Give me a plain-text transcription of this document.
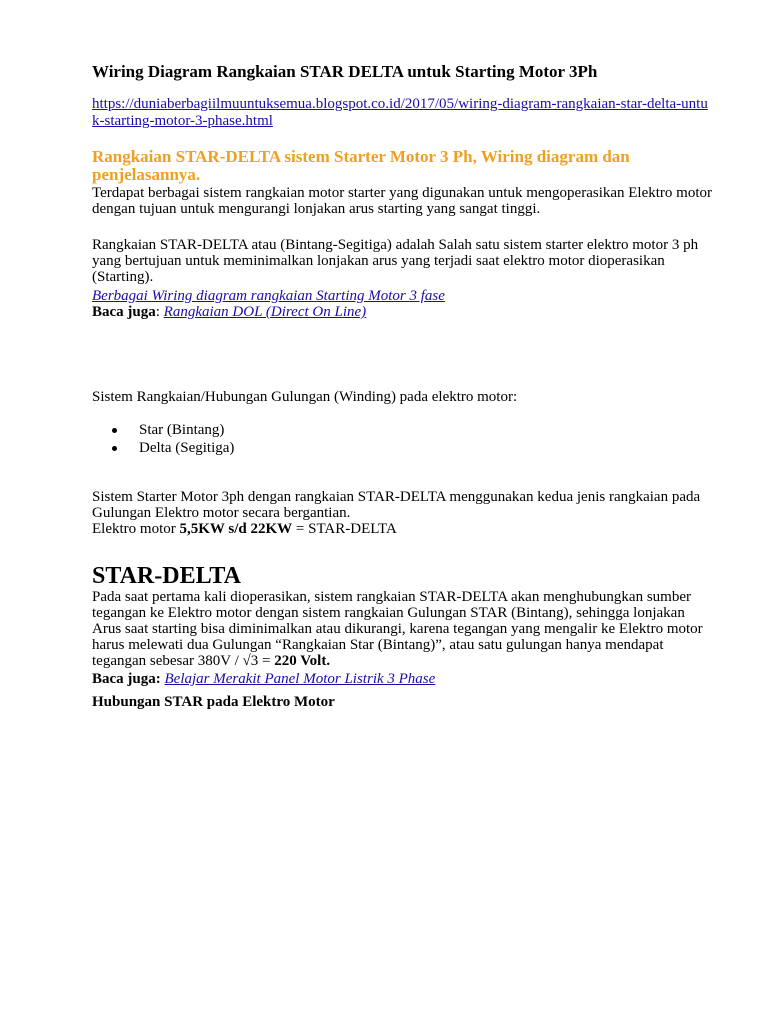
Wiring Diagram Rangkaian STAR DELTA untuk Starting Motor 3Ph
https://duniaberbagiilmuuntuksemua.blogspot.co.id/2017/05/wiring-diagram-rangkaian-star-delta-untuk-starting-motor-3-phase.html
Rangkaian STAR-DELTA sistem Starter Motor 3 Ph, Wiring diagram dan penjelasannya.
Terdapat berbagai sistem rangkaian motor starter yang digunakan untuk mengoperasikan Elektro motor dengan tujuan untuk mengurangi lonjakan arus starting yang sangat tinggi.
Rangkaian STAR-DELTA atau (Bintang-Segitiga) adalah Salah satu sistem starter elektro motor 3 ph yang bertujuan untuk meminimalkan lonjakan arus yang terjadi saat elektro motor dioperasikan (Starting).
Berbagai Wiring diagram rangkaian Starting Motor 3 fase
Baca juga: Rangkaian DOL (Direct On Line)
Sistem Rangkaian/Hubungan Gulungan (Winding) pada elektro motor:
Star (Bintang)
Delta (Segitiga)
Sistem Starter Motor 3ph dengan rangkaian STAR-DELTA menggunakan kedua jenis rangkaian pada Gulungan Elektro motor secara bergantian.
Elektro motor 5,5KW s/d 22KW = STAR-DELTA
STAR-DELTA
Pada saat pertama kali dioperasikan, sistem rangkaian STAR-DELTA akan menghubungkan sumber tegangan ke Elektro motor dengan sistem rangkaian Gulungan STAR (Bintang), sehingga lonjakan Arus saat starting bisa diminimalkan atau dikurangi, karena tegangan yang mengalir ke Elektro motor harus melewati dua Gulungan “Rangkaian Star (Bintang)”, atau satu gulungan hanya mendapat tegangan sebesar 380V / √3 = 220 Volt.
Baca juga: Belajar Merakit Panel Motor Listrik 3 Phase
Hubungan STAR pada Elektro Motor
